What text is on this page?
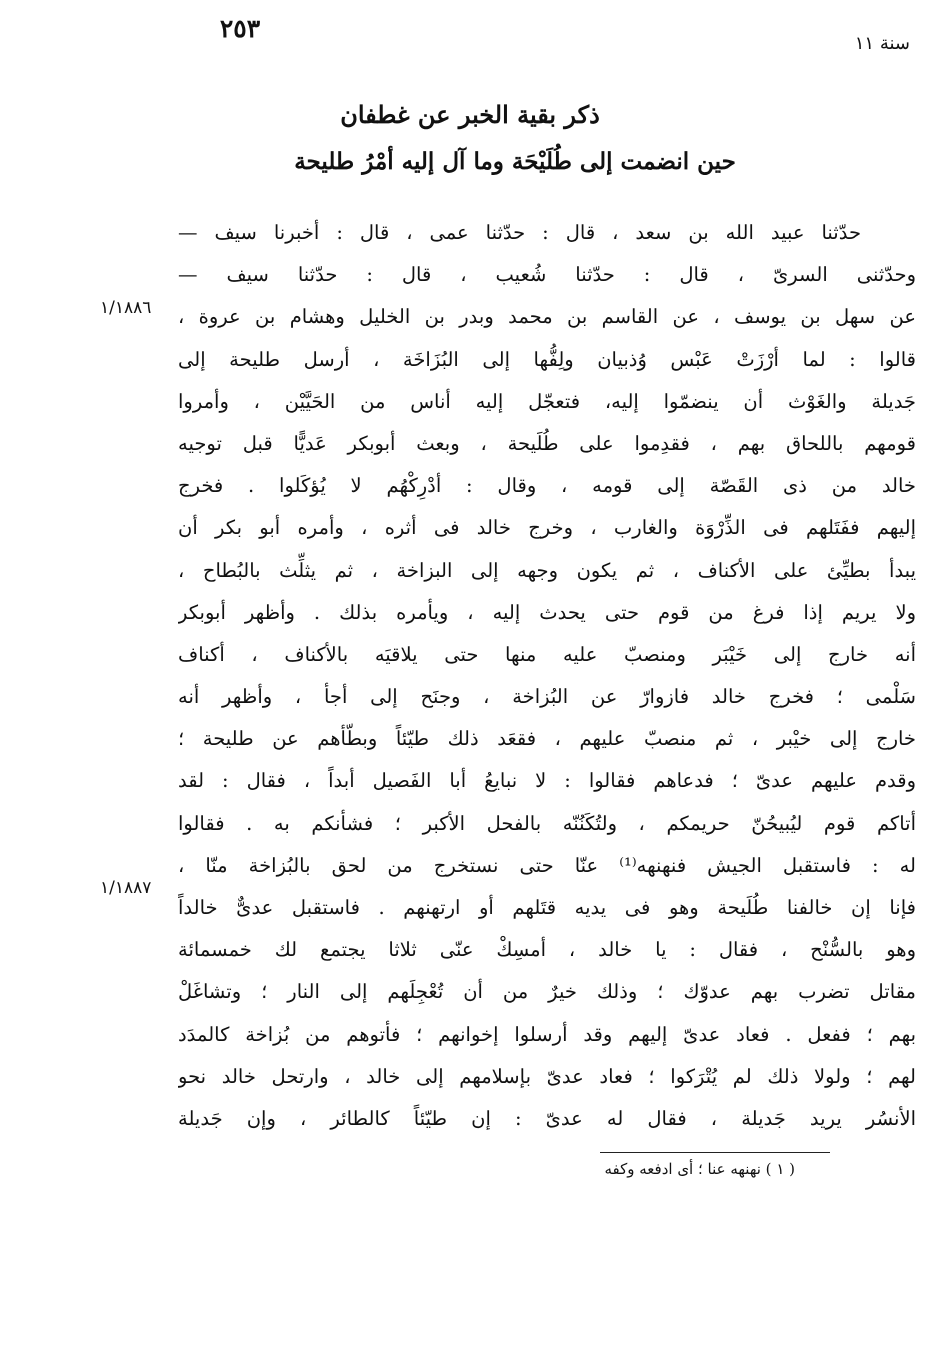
٢٥٣
سنة ١١
ذكر بقية الخبر عن غطفان
حين انضمت إلى طُلَيْحَة وما آل إليه أمْرُ طليحة
حدّثنا عبيد الله بن سعد ، قال : حدّثنا عمى ، قال : أخبرنا سيف —
وحدّثنى السرىّ ، قال : حدّثنا شُعيب ، قال : حدّثنا سيف —
عن سهل بن يوسف ، عن القاسم بن محمد وبدر بن الخليل وهشام بن عروة ،
قالوا : لما أرْزَتْ عَبْس وُذبيان ولِفُّها إلى البُزَاخَة ، أرسل طليحة إلى
جَديلة والغَوْث أن ينضمّوا إليه، فتعجّل إليه أناس من الحَيَّيْن ، وأمروا
قومهم باللحاق بهم ، فقدِموا على طُلَيحة ، وبعث أبوبكر عَديًّا قبل توجيه
خالد من ذى القَصّة إلى قومه ، وقال : أدْرِكْهُم لا يُؤكَلوا . فخرج
إليهم ففَتَلهم فى الذِّرْوَة والغارب ، وخرج خالد فى أثره ، وأمره أبو بكر أن
يبدأ بطيِّئ على الأكناف ، ثم يكون وجهه إلى البزاخة ، ثم يثلِّث بالبُطاح ،
ولا يريم إذا فرغ من قوم حتى يحدث إليه ، ويأمره بذلك . وأظهر أبوبكر
أنه خارج إلى خَيْبَر ومنصبّ عليه منها حتى يلاقيَه بالأكناف ، أكناف
سَلْمى ؛ فخرج خالد فازوارّ عن البُزاخة ، وجنَح إلى أجأ ، وأظهر أنه
خارج إلى خيْبر ، ثم منصبّ عليهم ، فقعَد ذلك طيّئاً وبطّأهم عن طليحة ؛
وقدم عليهم عدىّ ؛ فدعاهم فقالوا : لا نبايعُ أبا الفَصيل أبداً ، فقال : لقد
أتاكم قوم ليُبيحُنّ حريمكم ، ولتُكَنُنّه بالفحل الأكبر ؛ فشأنكم به . فقالوا
له : فاستقبل الجيش فنهنهه⁽¹⁾ عنّا حتى نستخرج من لحق بالبُزاخة منّا ،
فإنا إن خالفنا طُلَيحة وهو فى يديه قتَلهم أو ارتهنهم . فاستقبل عدىٌّ خالداً
وهو بالسُّنْح ، فقال : يا خالد ، أمسِكْ عنّى ثلاثا يجتمع لك خمسمائة
مقاتل تضرب بهم عدوّك ؛ وذلك خيرٌ من أن تُعْجِلَهم إلى النار ؛ وتشاغَلْ
بهم ؛ ففعل . فعاد عدىّ إليهم وقد أرسلوا إخوانهم ؛ فأتوهم من بُزاخة كالمدَد
لهم ؛ ولولا ذلك لم يُتْرَكوا ؛ فعاد عدىّ بإسلامهم إلى خالد ، وارتحل خالد نحو
الأنسُر يريد جَديلة ، فقال له عدىّ : إن طيّئاً كالطائر ، وإن جَديلة
١/١٨٨٦
١/١٨٨٧
( ١ ) نهنهه عنا ؛ أى ادفعه وكفه
